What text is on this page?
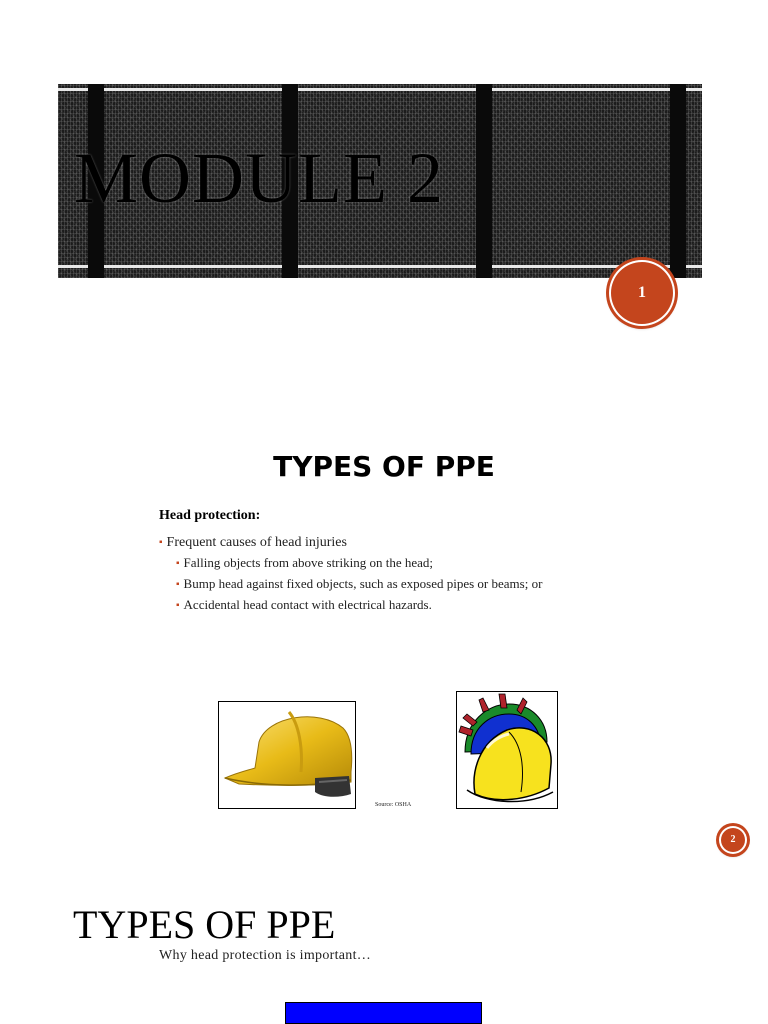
MODULE 2
1
TYPES OF PPE
Head protection:
▪ Frequent causes of head injuries
▪ Falling objects from above striking on the head;
▪ Bump head against fixed objects, such as exposed pipes or beams; or
▪ Accidental head contact with electrical hazards.
Source: OSHA
2
TYPES OF PPE
Why head protection is important…
